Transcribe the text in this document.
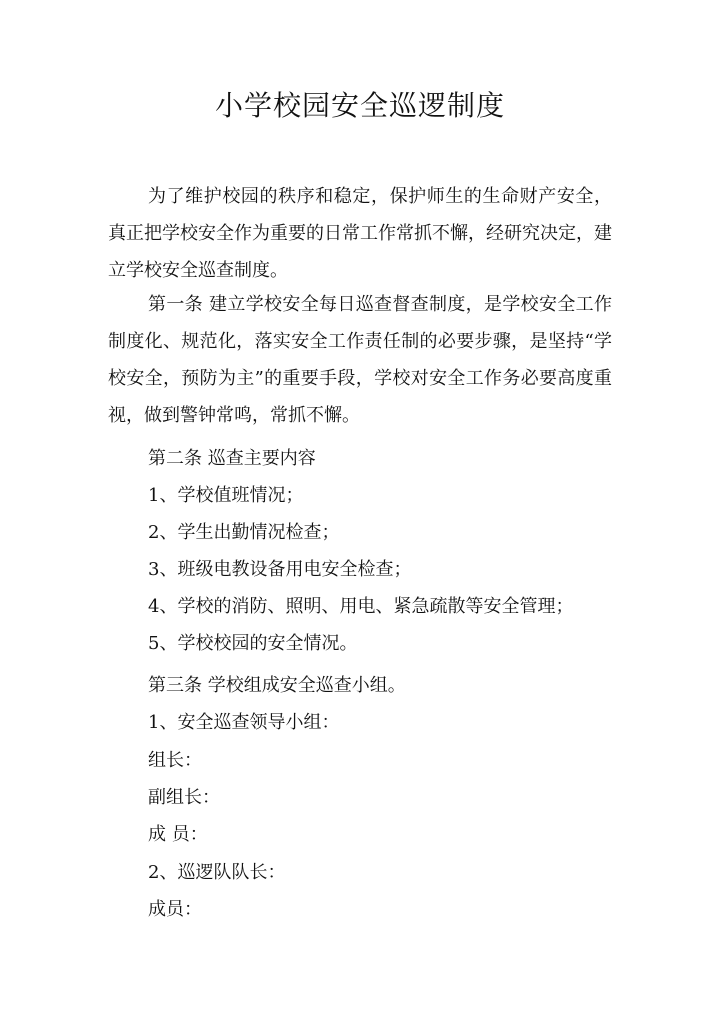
小学校园安全巡逻制度

为了维护校园的秩序和稳定，保护师生的生命财产安全，真正把学校安全作为重要的日常工作常抓不懈，经研究决定，建立学校安全巡查制度。

第一条 建立学校安全每日巡查督查制度，是学校安全工作制度化、规范化，落实安全工作责任制的必要步骤，是坚持“学校安全，预防为主”的重要手段，学校对安全工作务必要高度重视，做到警钟常鸣，常抓不懈。

第二条 巡查主要内容
1、学校值班情况；
2、学生出勤情况检查；
3、班级电教设备用电安全检查；
4、学校的消防、照明、用电、紧急疏散等安全管理；
5、学校校园的安全情况。
第三条 学校组成安全巡查小组。
1、安全巡查领导小组：
组长：
副组长：
成 员：
2、巡逻队队长：
成员：
